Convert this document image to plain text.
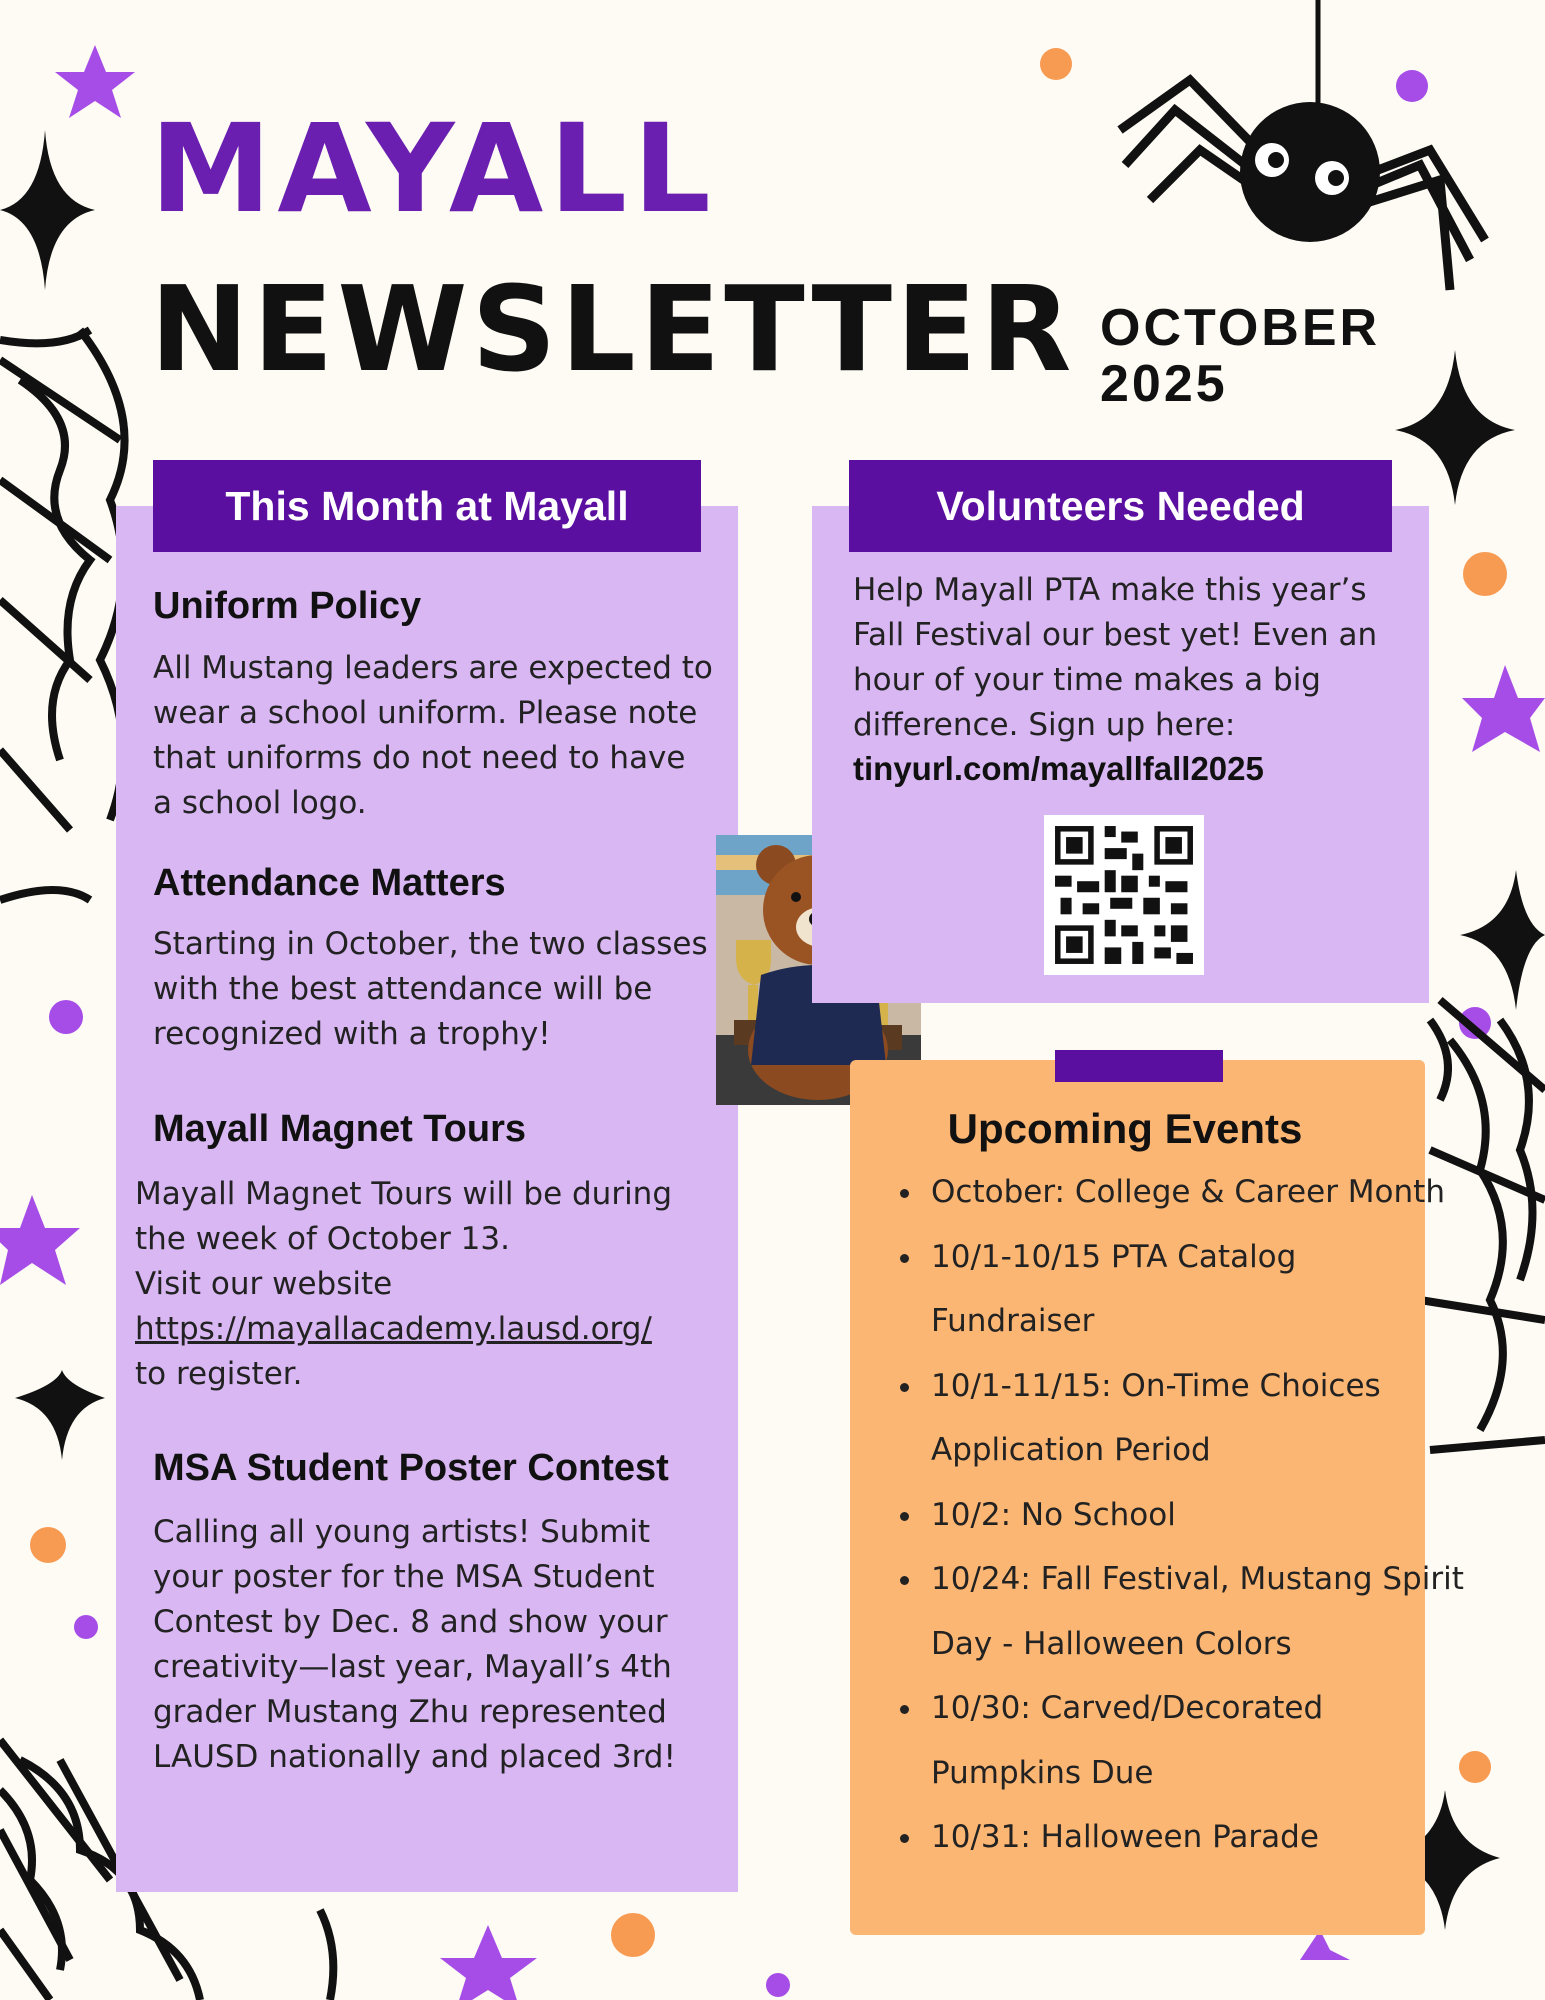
MAYALL
NEWSLETTER OCTOBER
2025
This Month at Mayall
Uniform Policy
All Mustang leaders are expected to wear a school uniform. Please note that uniforms do not need to have a school logo.
Attendance Matters
Starting in October, the two classes with the best attendance will be recognized with a trophy!
Mayall Magnet Tours
Mayall Magnet Tours will be during the week of October 13.
Visit our website
https://mayallacademy.lausd.org/
to register.
MSA Student Poster Contest
Calling all young artists! Submit your poster for the MSA Student Contest by Dec. 8 and show your creativity—last year, Mayall’s 4th grader Mustang Zhu represented LAUSD nationally and placed 3rd!
Volunteers Needed
Help Mayall PTA make this year’s Fall Festival our best yet! Even an hour of your time makes a big difference. Sign up here:
tinyurl.com/mayallfall2025
Upcoming Events
• October: College & Career Month
• 10/1-10/15 PTA Catalog Fundraiser
• 10/1-11/15: On-Time Choices Application Period
• 10/2: No School
• 10/24: Fall Festival, Mustang Spirit Day - Halloween Colors
• 10/30: Carved/Decorated Pumpkins Due
• 10/31: Halloween Parade
